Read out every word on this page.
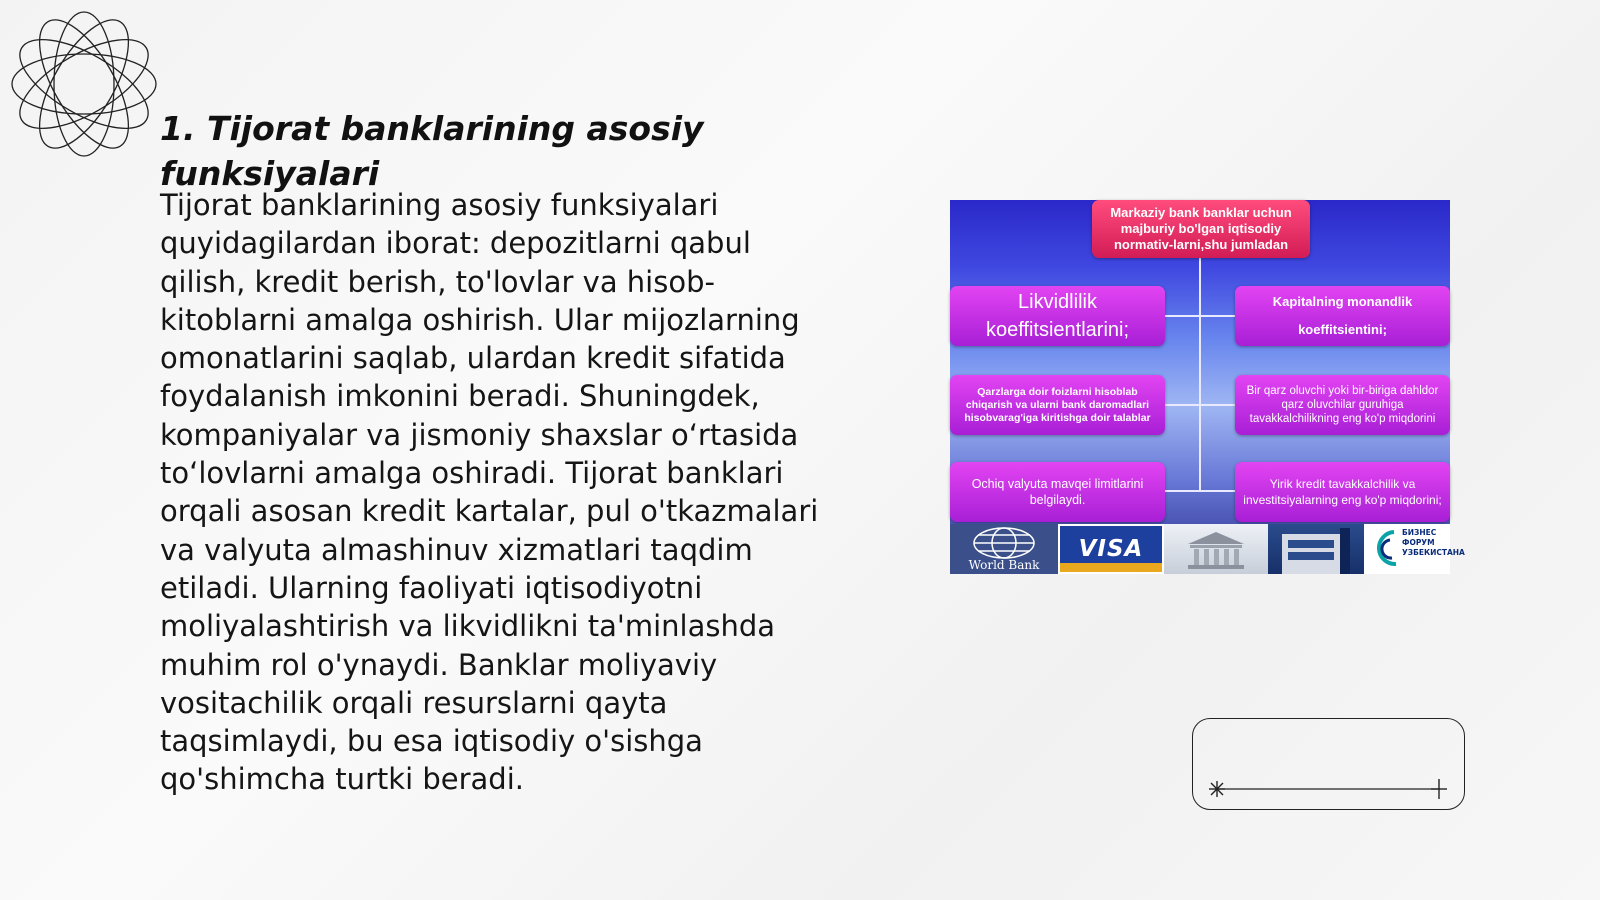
1. Tijorat banklarining asosiy funksiyalari

Tijorat banklarining asosiy funksiyalari quyidagilardan iborat: depozitlarni qabul qilish, kredit berish, to'lovlar va hisob-kitoblarni amalga oshirish. Ular mijozlarning omonatlarini saqlab, ulardan kredit sifatida foydalanish imkonini beradi. Shuningdek, kompaniyalar va jismoniy shaxslar o‘rtasida to‘lovlarni amalga oshiradi. Tijorat banklari orqali asosan kredit kartalar, pul o'tkazmalari va valyuta almashinuv xizmatlari taqdim etiladi. Ularning faoliyati iqtisodiyotni moliyalashtirish va likvidlikni ta'minlashda muhim rol o'ynaydi. Banklar moliyaviy vositachilik orqali resurslarni qayta taqsimlaydi, bu esa iqtisodiy o'sishga qo'shimcha turtki beradi.

Markaziy bank banklar uchun majburiy bo'lgan iqtisodiy normativ-larni,shu jumladan
Likvidlilik koeffitsientlarini;
Kapitalning monandlik koeffitsientini;
Qarzlarga doir foizlarni hisoblab chiqarish va ularni bank daromadlari hisobvarag'iga kiritishga doir talablar
Bir qarz oluvchi yoki bir-biriga dahldor qarz oluvchilar guruhiga tavakkalchilikning eng ko'p miqdorini
Ochiq valyuta mavqei limitlarini belgilaydi.
Yirik kredit tavakkalchilik va investitsiyalarning eng ko'p miqdorini;
World Bank
VISA
БИЗНЕС ФОРУМ УЗБЕКИСТАНА
